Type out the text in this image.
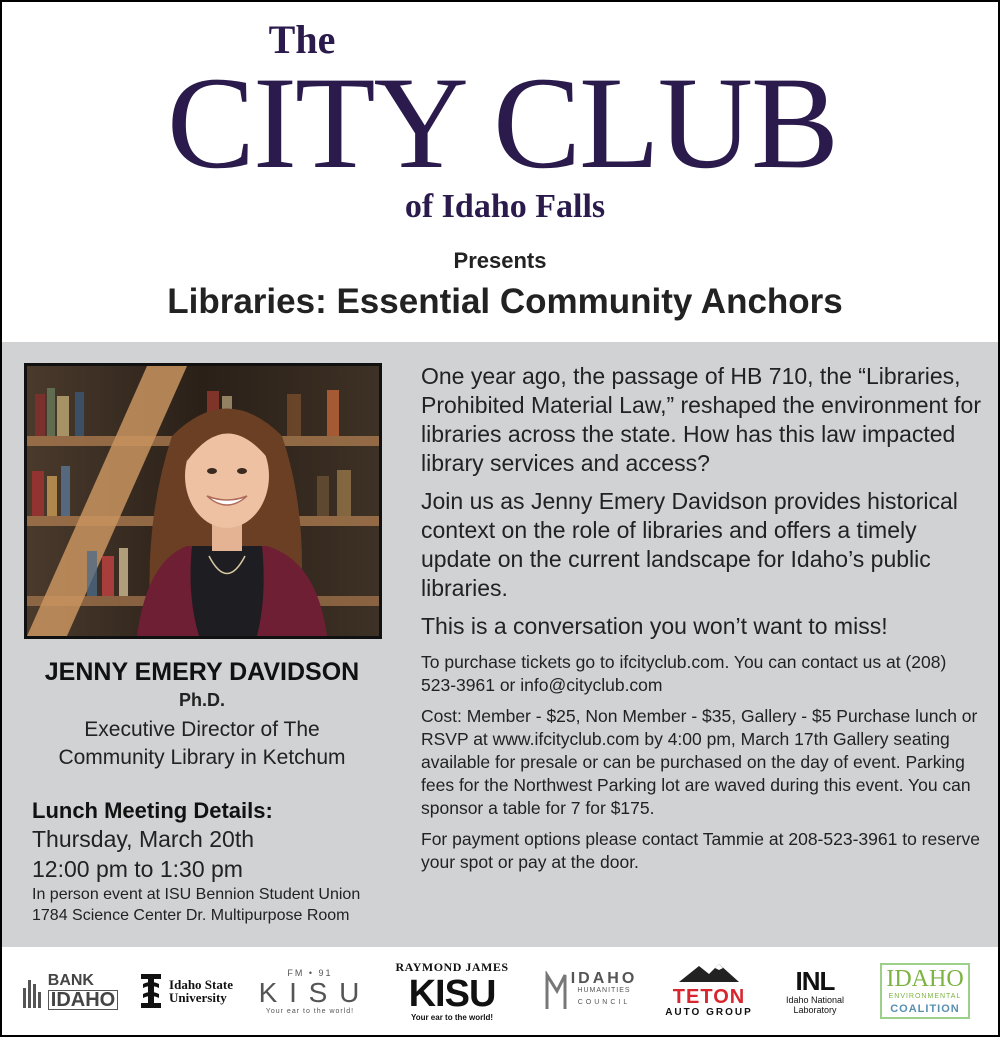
The
CITY CLUB
of Idaho Falls
Presents
Libraries: Essential Community Anchors
JENNY EMERY DAVIDSON
Ph.D.
Executive Director of The
Community Library in Ketchum
Lunch Meeting Details:
Thursday, March 20th
12:00 pm to 1:30 pm
In person event at ISU Bennion Student Union
1784 Science Center Dr. Multipurpose Room

One year ago, the passage of HB 710, the “Libraries, Prohibited Material Law,” reshaped the environment for libraries across the state. How has this law impacted library services and access?

Join us as Jenny Emery Davidson provides historical context on the role of libraries and offers a timely update on the current landscape for Idaho’s public libraries.

This is a conversation you won’t want to miss!

To purchase tickets go to ifcityclub.com. You can contact us at (208) 523-3961 or info@cityclub.com

Cost: Member - $25, Non Member - $35, Gallery - $5 Purchase lunch or RSVP at www.ifcityclub.com by 4:00 pm, March 17th Gallery seating available for presale or can be purchased on the day of event. Parking fees for the Northwest Parking lot are waved during this event. You can sponsor a table for 7 for $175.

For payment options please contact Tammie at 208-523-3961 to reserve your spot or pay at the door.

BANK
IDAHO
Idaho State
University
FM • 91
K I S U
Your ear to the world!
RAYMOND JAMES
KISU
Your ear to the world!
IDAHO
HUMANITIES
COUNCIL	TETON
AUTO GROUP
INL
Idaho National Laboratory
IDAHO
ENVIRONMENTAL
COALITION
